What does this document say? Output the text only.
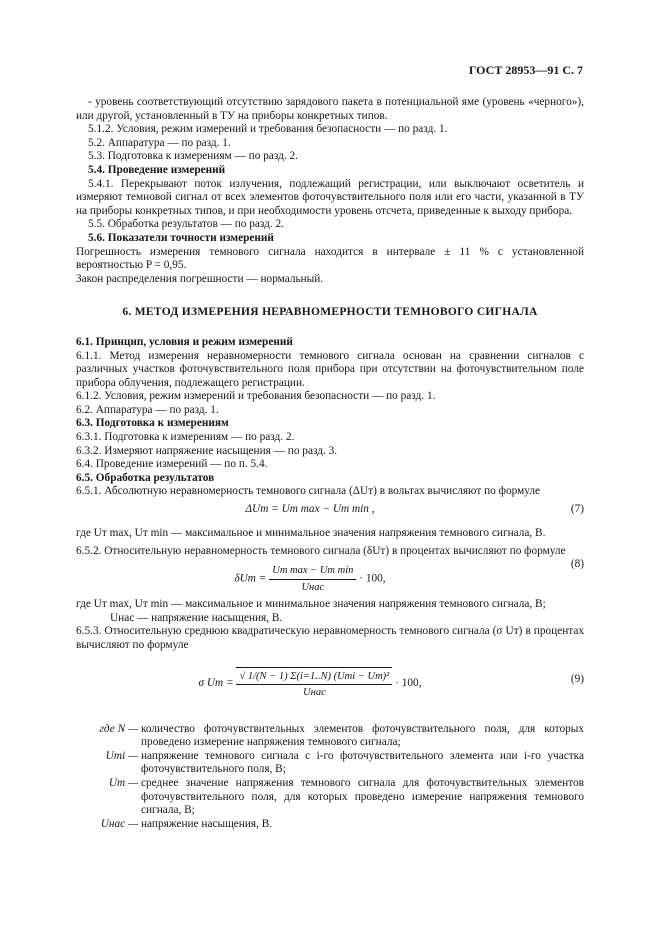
ГОСТ 28953—91 С. 7

- уровень соответствующий отсутствию зарядового пакета в потенциальной яме (уровень «черного»), или другой, установленный в ТУ на приборы конкретных типов.

5.1.2. Условия, режим измерений и требования безопасности — по разд. 1.

5.2. Аппаратура — по разд. 1.

5.3. Подготовка к измерениям — по разд. 2.

5.4. Проведение измерений

5.4.1. Перекрывают поток излучения, подлежащий регистрации, или выключают осветитель и измеряют темновой сигнал от всех элементов фоточувствительного поля или его части, указанной в ТУ на приборы конкретных типов, и при необходимости уровень отсчета, приведенные к выходу прибора.

5.5. Обработка результатов — по разд. 2.

5.6. Показатели точности измерений

Погрешность измерения темнового сигнала находится в интервале ± 11 % с установленной вероятностью P = 0,95.

Закон распределения погрешности — нормальный.

6. МЕТОД ИЗМЕРЕНИЯ НЕРАВНОМЕРНОСТИ ТЕМНОВОГО СИГНАЛА

6.1. Принцип, условия и режим измерений

6.1.1. Метод измерения неравномерности темнового сигнала основан на сравнении сигналов с различных участков фоточувствительного поля прибора при отсутствии на фоточувствительном поле прибора облучения, подлежащего регистрации.

6.1.2. Условия, режим измерений и требования безопасности — по разд. 1.

6.2. Аппаратура — по разд. 1.

6.3. Подготовка к измерениям

6.3.1. Подготовка к измерениям — по разд. 2.

6.3.2. Измеряют напряжение насыщения — по разд. 3.

6.4. Проведение измерений — по п. 5.4.

6.5. Обработка результатов

6.5.1. Абсолютную неравномерность темнового сигнала (ΔUт) в вольтах вычисляют по формуле

ΔUт = Uт max − Uт min ,	(7)

где Uт max, Uт min — максимальное и минимальное значения напряжения темнового сигнала, В.

6.5.2. Относительную неравномерность темнового сигнала (δUт) в процентах вычисляют по формуле

$\delta Uт = \frac{\text{Uт max − Uт min}}{\text{Uнас}} \cdot 100$,
(8)

где Uт max, Uт min — максимальное и минимальное значения напряжения темнового сигнала, В;

Uнас — напряжение насыщения, В.

6.5.3. Относительную среднюю квадратическую неравномерность темнового сигнала (σ Uт) в процентах вычисляют по формуле

σ Uт = $\frac{\text{√ 1/(N − 1) Σ(i=1..N) (Uтi − Uт)²}}{\text{Uнас}} \cdot 100$,	(9)
где N — количество фоточувствительных элементов фоточувствительного поля, для которых проведено измерение напряжения темнового сигнала;
Uтi — напряжение темнового сигнала с i-го фоточувствительного элемента или i-го участка фоточувствительного поля, В;
Uт — среднее значение напряжения темнового сигнала для фоточувствительных элементов фоточувствительного поля, для которых проведено измерение напряжения темнового сигнала, В;
Uнас — напряжение насыщения, В.
